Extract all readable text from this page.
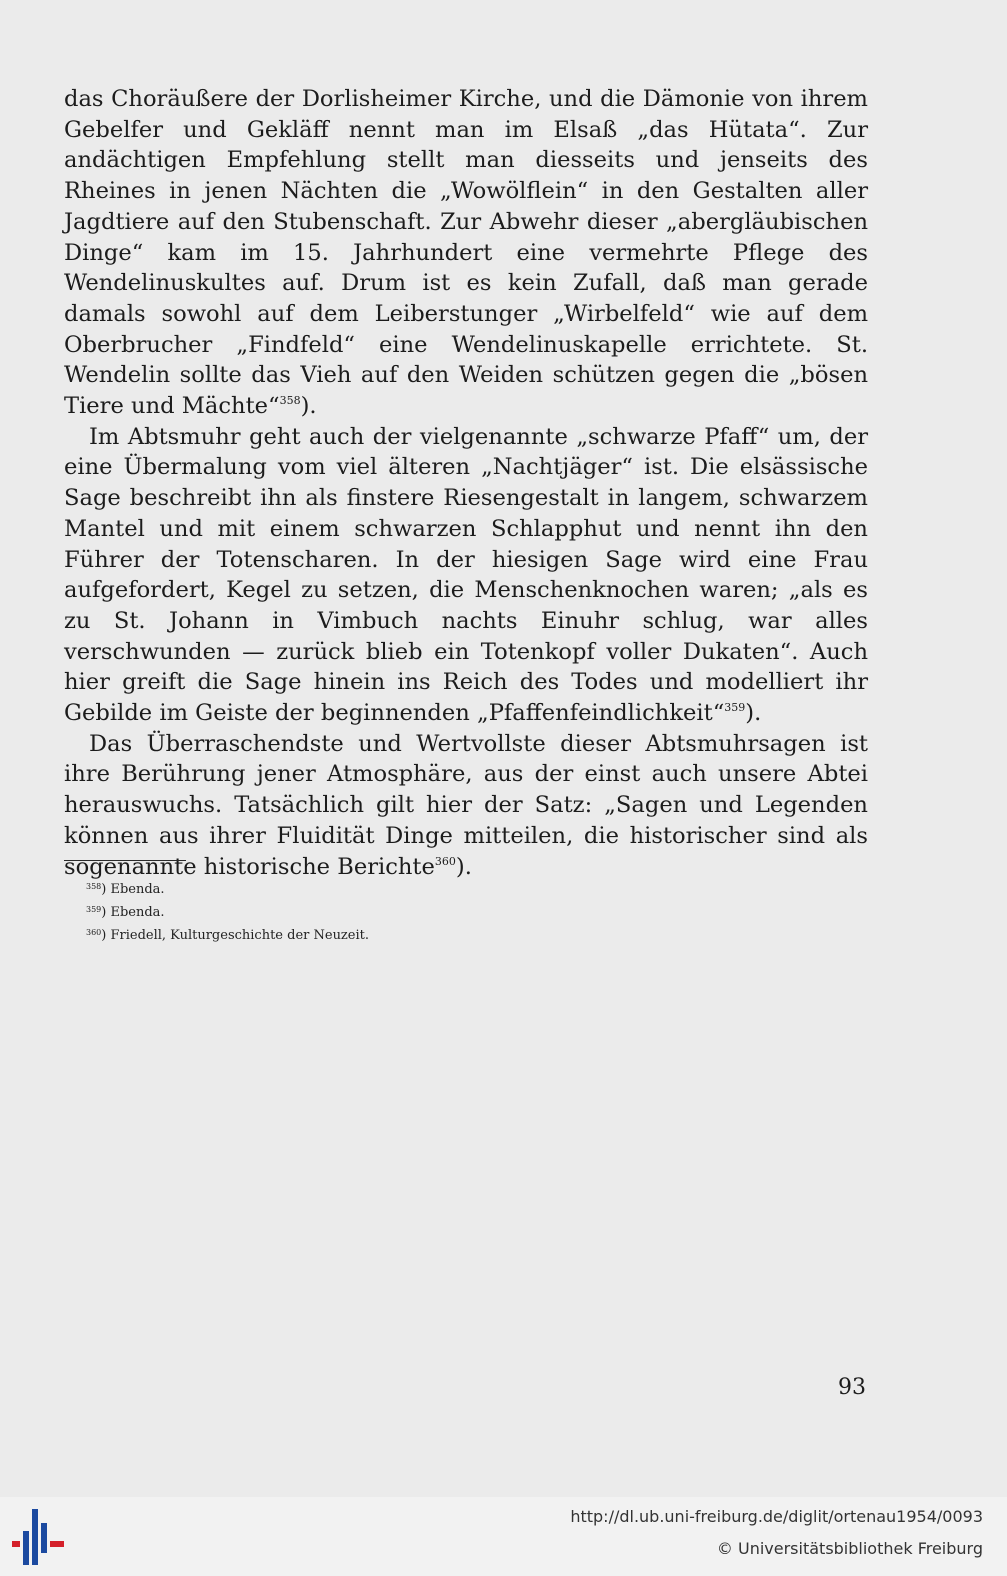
das Choräußere der Dorlisheimer Kirche, und die Dämonie von ihrem Gebelfer und Gekläff nennt man im Elsaß „das Hütata“. Zur andächtigen Empfehlung stellt man diesseits und jenseits des Rheines in jenen Nächten die „Wowölflein“ in den Gestalten aller Jagdtiere auf den Stubenschaft. Zur Abwehr dieser „abergläubischen Dinge“ kam im 15. Jahrhundert eine vermehrte Pflege des Wendelinuskultes auf. Drum ist es kein Zufall, daß man gerade damals sowohl auf dem Leiberstunger „Wirbelfeld“ wie auf dem Oberbrucher „Findfeld“ eine Wendelinuskapelle errichtete. St. Wendelin sollte das Vieh auf den Weiden schützen gegen die „bösen Tiere und Mächte“$^{358}$).

Im Abtsmuhr geht auch der vielgenannte „schwarze Pfaff“ um, der eine Übermalung vom viel älteren „Nachtjäger“ ist. Die elsässische Sage beschreibt ihn als finstere Riesengestalt in langem, schwarzem Mantel und mit einem schwarzen Schlapphut und nennt ihn den Führer der Totenscharen. In der hiesigen Sage wird eine Frau aufgefordert, Kegel zu setzen, die Menschenknochen waren; „als es zu St. Johann in Vimbuch nachts Einuhr schlug, war alles verschwunden — zurück blieb ein Totenkopf voller Dukaten“. Auch hier greift die Sage hinein ins Reich des Todes und modelliert ihr Gebilde im Geiste der beginnenden „Pfaffenfeindlichkeit“$^{359}$).

Das Überraschendste und Wertvollste dieser Abtsmuhrsagen ist ihre Berührung jener Atmosphäre, aus der einst auch unsere Abtei herauswuchs. Tatsächlich gilt hier der Satz: „Sagen und Legenden können aus ihrer Fluidität Dinge mitteilen, die historischer sind als sogenannte historische Berichte$^{360}$).

$^{358}$) Ebenda.
$^{359}$) Ebenda.
$^{360}$) Friedell, Kulturgeschichte der Neuzeit.
93
http://dl.ub.uni-freiburg.de/diglit/ortenau1954/0093
© Universitätsbibliothek Freiburg
